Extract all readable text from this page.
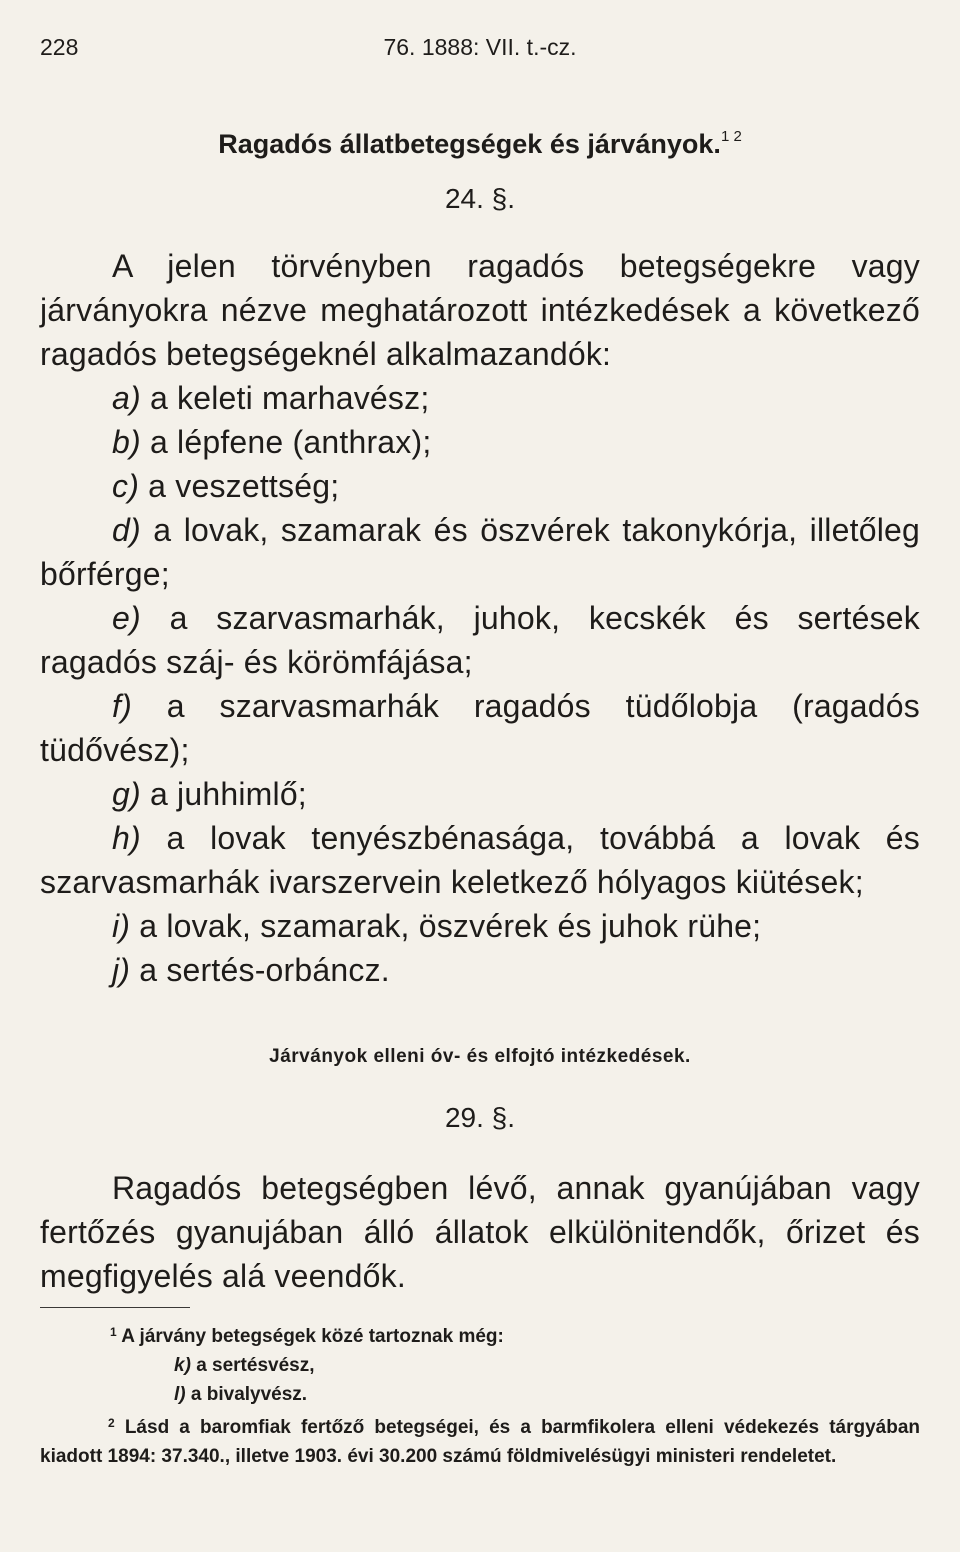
228	76. 1888: VII. t.-cz.
Ragadós állatbetegségek és járványok.$^{1 2}$
24. §.

A jelen törvényben ragadós betegségekre vagy járványokra nézve meghatározott intézkedések a következő ragadós betegségeknél alkalmazandók:

a) a keleti marhavész;

b) a lépfene (anthrax);

c) a veszettség;

d) a lovak, szamarak és öszvérek takonykórja, illetőleg bőrférge;

e) a szarvasmarhák, juhok, kecskék és sertések ragadós száj- és körömfájása;

f) a szarvasmarhák ragadós tüdőlobja (ragadós tüdővész);

g) a juhhimlő;

h) a lovak tenyészbénasága, továbbá a lovak és szarvasmarhák ivarszervein keletkező hólyagos kiütések;

i) a lovak, szamarak, öszvérek és juhok rühe;

j) a sertés-orbáncz.

Járványok elleni óv- és elfojtó intézkedések.
29. §.

Ragadós betegségben lévő, annak gyanújában vagy fertőzés gyanujában álló állatok elkülönitendők, őrizet és megfigyelés alá veendők.

$^1$ A járvány betegségek közé tartoznak még:

k) a sertésvész,

l) a bivalyvész.

$^2$ Lásd a baromfiak fertőző betegségei, és a barmfikolera elleni védekezés tárgyában kiadott 1894: 37.340., illetve 1903. évi 30.200 számú földmivelésügyi ministeri rendeletet.
